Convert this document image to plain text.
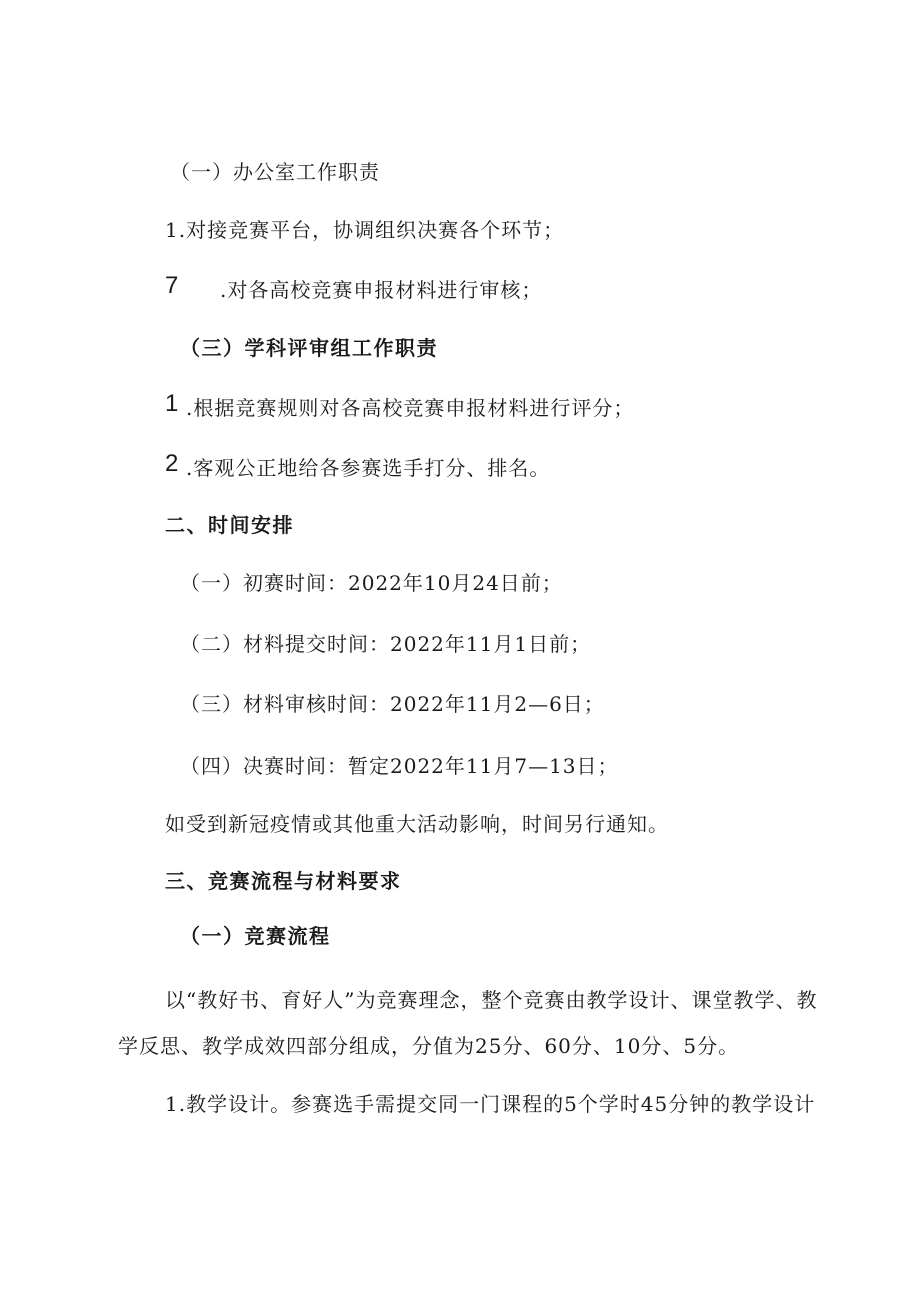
（一）办公室工作职责
1.对接竞赛平台，协调组织决赛各个环节；
7 .对各高校竞赛申报材料进行审核；
（三）学科评审组工作职责
1 .根据竞赛规则对各高校竞赛申报材料进行评分；
2 .客观公正地给各参赛选手打分、排名。
二、时间安排
（一）初赛时间：2022年10月24日前；
（二）材料提交时间：2022年11月1日前；
（三）材料审核时间：2022年11月2—6日；
（四）决赛时间：暂定2022年11月7—13日；
如受到新冠疫情或其他重大活动影响，时间另行通知。
三、竞赛流程与材料要求
（一）竞赛流程
以“教好书、育好人”为竞赛理念，整个竞赛由教学设计、课堂教学、教
学反思、教学成效四部分组成，分值为25分、60分、10分、5分。
1.教学设计。参赛选手需提交同一门课程的5个学时45分钟的教学设计
